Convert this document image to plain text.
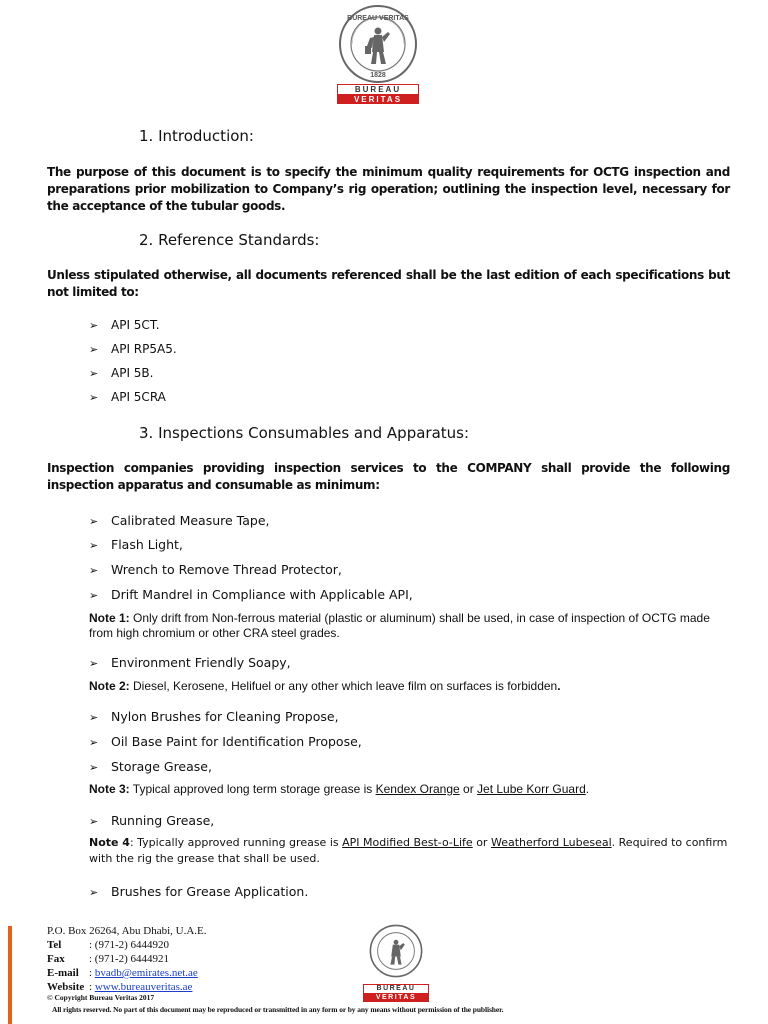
BUREAU VERITAS
1828
BUREAU
VERITAS
1. Introduction:

The purpose of this document is to specify the minimum quality requirements for OCTG inspection and preparations prior mobilization to Company’s rig operation; outlining the inspection level, necessary for the acceptance of the tubular goods.

2. Reference Standards:

Unless stipulated otherwise, all documents referenced shall be the last edition of each specifications but not limited to:

➢ API 5CT.
➢ API RP5A5.
➢ API 5B.
➢ API 5CRA
3. Inspections Consumables and Apparatus:

Inspection companies providing inspection services to the COMPANY shall provide the following inspection apparatus and consumable as minimum:

➢ Calibrated Measure Tape,
➢ Flash Light,
➢ Wrench to Remove Thread Protector,
➢ Drift Mandrel in Compliance with Applicable API,

Note 1: Only drift from Non-ferrous material (plastic or aluminum) shall be used, in case of inspection of OCTG made from high chromium or other CRA steel grades.

➢ Environment Friendly Soapy,

Note 2: Diesel, Kerosene, Helifuel or any other which leave film on surfaces is forbidden.

➢ Nylon Brushes for Cleaning Propose,
➢ Oil Base Paint for Identification Propose,
➢ Storage Grease,

Note 3: Typical approved long term storage grease is Kendex Orange or Jet Lube Korr Guard.

➢ Running Grease,

Note 4: Typically approved running grease is API Modified Best-o-Life or Weatherford Lubeseal. Required to confirm with the rig the grease that shall be used.

➢ Brushes for Grease Application.
P.O. Box 26264, Abu Dhabi, U.A.E.
Tel	: (971-2) 6444920
Fax : (971-2) 6444921
E-mail : bvadb@emirates.net.ae
Website : www.bureauveritas.ae
© Copyright Bureau Veritas 2017
All rights reserved. No part of this document may be reproduced or transmitted in any form or by any means without permission of the publisher.
BUREAU
VERITAS
